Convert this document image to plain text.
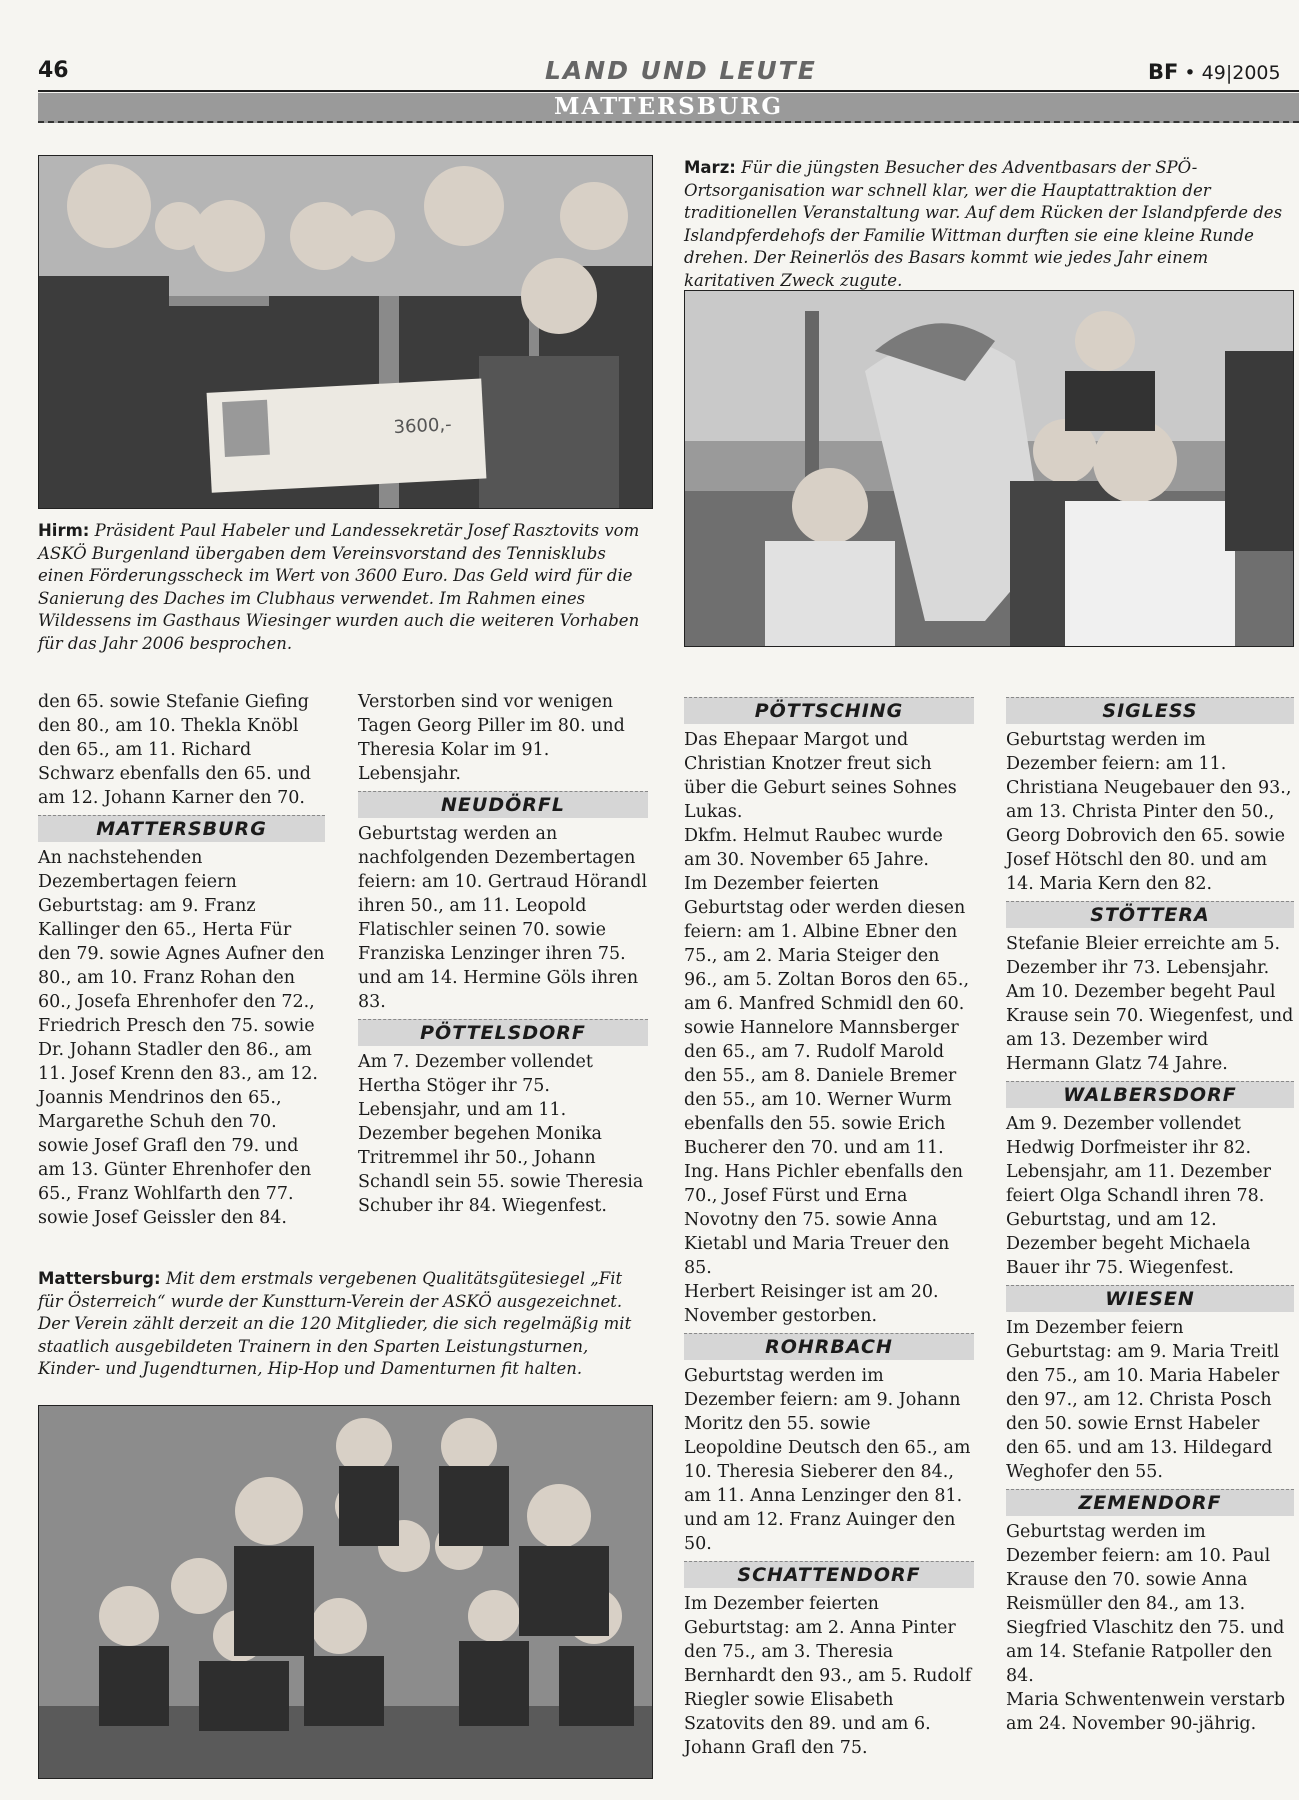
46	LAND UND LEUTE	BF • 49|2005
MATTERSBURG
3600,-
Hirm: Präsident Paul Habeler und Landessekretär Josef Rasztovits vom ASKÖ Burgenland übergaben dem Vereinsvorstand des Tennisklubs einen Förderungsscheck im Wert von 3600 Euro. Das Geld wird für die Sanierung des Daches im Clubhaus verwendet. Im Rahmen eines Wildessens im Gasthaus Wiesinger wurden auch die weiteren Vorhaben für das Jahr 2006 besprochen.
Marz: Für die jüngsten Besucher des Adventbasars der SPÖ-Ortsorganisation war schnell klar, wer die Hauptattraktion der traditionellen Veranstaltung war. Auf dem Rücken der Islandpferde des Islandpferdehofs der Familie Wittman durften sie eine kleine Runde drehen. Der Reinerlös des Basars kommt wie jedes Jahr einem karitativen Zweck zugute.

den 65. sowie Stefanie Giefing den 80., am 10. Thekla Knöbl den 65., am 11. Richard Schwarz ebenfalls den 65. und am 12. Johann Karner den 70.

MATTERSBURG

An nachstehenden Dezembertagen feiern Geburtstag: am 9. Franz Kallinger den 65., Herta Für den 79. sowie Agnes Aufner den 80., am 10. Franz Rohan den 60., Josefa Ehrenhofer den 72., Friedrich Presch den 75. sowie Dr. Johann Stadler den 86., am 11. Josef Krenn den 83., am 12. Joannis Mendrinos den 65., Margarethe Schuh den 70. sowie Josef Grafl den 79. und am 13. Günter Ehrenhofer den 65., Franz Wohlfarth den 77. sowie Josef Geissler den 84.

Verstorben sind vor wenigen Tagen Georg Piller im 80. und Theresia Kolar im 91. Lebensjahr.

NEUDÖRFL

Geburtstag werden an nachfolgenden Dezembertagen feiern: am 10. Gertraud Hörandl ihren 50., am 11. Leopold Flatischler seinen 70. sowie Franziska Lenzinger ihren 75. und am 14. Hermine Göls ihren 83.

PÖTTELSDORF

Am 7. Dezember vollendet Hertha Stöger ihr 75. Lebensjahr, und am 11. Dezember begehen Monika Tritremmel ihr 50., Johann Schandl sein 55. sowie Theresia Schuber ihr 84. Wiegenfest.

Mattersburg: Mit dem erstmals vergebenen Qualitätsgütesiegel „Fit für Österreich“ wurde der Kunstturn-Verein der ASKÖ ausgezeichnet. Der Verein zählt derzeit an die 120 Mitglieder, die sich regelmäßig mit staatlich ausgebildeten Trainern in den Sparten Leistungsturnen, Kinder- und Jugendturnen, Hip-Hop und Damenturnen fit halten.
PÖTTSCHING

Das Ehepaar Margot und Christian Knotzer freut sich über die Geburt seines Sohnes Lukas.

Dkfm. Helmut Raubec wurde am 30. November 65 Jahre.

Im Dezember feierten Geburtstag oder werden diesen feiern: am 1. Albine Ebner den 75., am 2. Maria Steiger den 96., am 5. Zoltan Boros den 65., am 6. Manfred Schmidl den 60. sowie Hannelore Mannsberger den 65., am 7. Rudolf Marold den 55., am 8. Daniele Bremer den 55., am 10. Werner Wurm ebenfalls den 55. sowie Erich Bucherer den 70. und am 11. Ing. Hans Pichler ebenfalls den 70., Josef Fürst und Erna Novotny den 75. sowie Anna Kietabl und Maria Treuer den 85.

Herbert Reisinger ist am 20. November gestorben.

ROHRBACH

Geburtstag werden im Dezember feiern: am 9. Johann Moritz den 55. sowie Leopoldine Deutsch den 65., am 10. Theresia Sieberer den 84., am 11. Anna Lenzinger den 81. und am 12. Franz Auinger den 50.

SCHATTENDORF

Im Dezember feierten Geburtstag: am 2. Anna Pinter den 75., am 3. Theresia Bernhardt den 93., am 5. Rudolf Riegler sowie Elisabeth Szatovits den 89. und am 6. Johann Grafl den 75.

SIGLESS

Geburtstag werden im Dezember feiern: am 11. Christiana Neugebauer den 93., am 13. Christa Pinter den 50., Georg Dobrovich den 65. sowie Josef Hötschl den 80. und am 14. Maria Kern den 82.

STÖTTERA

Stefanie Bleier erreichte am 5. Dezember ihr 73. Lebensjahr. Am 10. Dezember begeht Paul Krause sein 70. Wiegenfest, und am 13. Dezember wird Hermann Glatz 74 Jahre.

WALBERSDORF

Am 9. Dezember vollendet Hedwig Dorfmeister ihr 82. Lebensjahr, am 11. Dezember feiert Olga Schandl ihren 78. Geburtstag, und am 12. Dezember begeht Michaela Bauer ihr 75. Wiegenfest.

WIESEN

Im Dezember feiern Geburtstag: am 9. Maria Treitl den 75., am 10. Maria Habeler den 97., am 12. Christa Posch den 50. sowie Ernst Habeler den 65. und am 13. Hildegard Weghofer den 55.

ZEMENDORF

Geburtstag werden im Dezember feiern: am 10. Paul Krause den 70. sowie Anna Reismüller den 84., am 13. Siegfried Vlaschitz den 75. und am 14. Stefanie Ratpoller den 84.

Maria Schwentenwein verstarb am 24. November 90-jährig.
